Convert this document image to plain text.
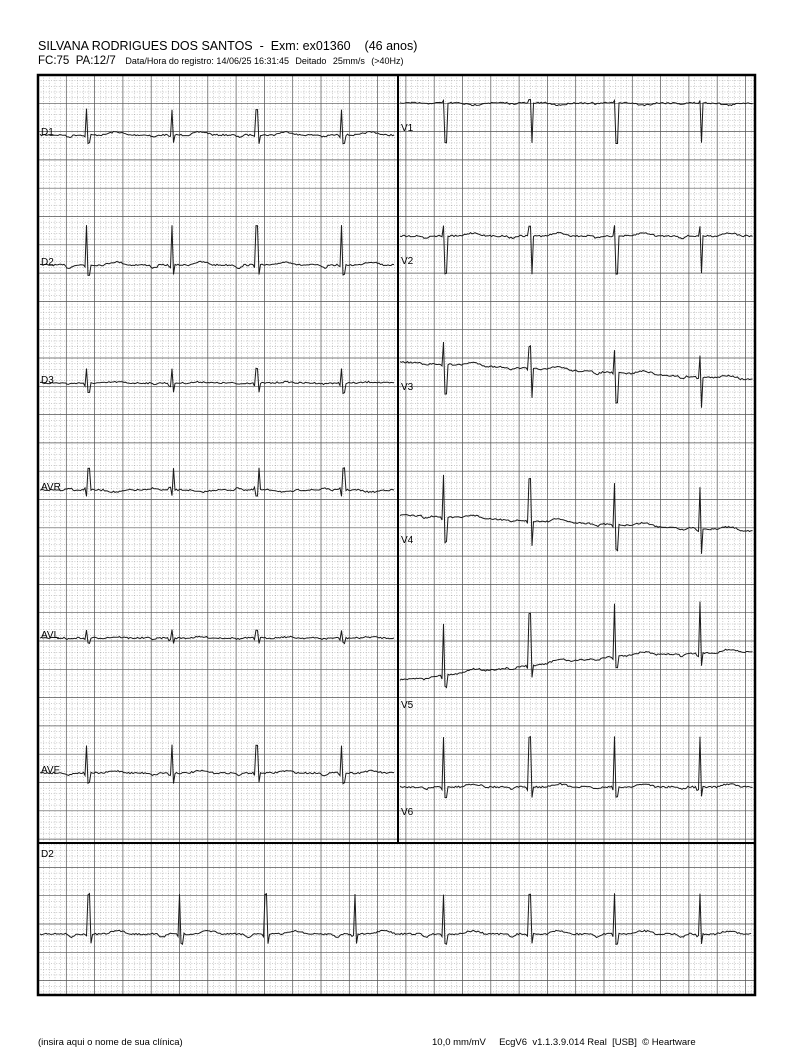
SILVANA RODRIGUES DOS SANTOS - Exm: ex01360 (46 anos)
FC:75 PA:12/7 Data/Hora do registro: 14/06/25 16:31:45 Deitado 25mm/s (>40Hz)
D1
D2
D3
AVR
AVL
AVF
V1
V2
V3
V4
V5
V6
D2
(insira aqui o nome de sua clínica)	10,0 mm/mV EcgV6  v1.1.3.9.014 Real  [USB]  © Heartware
